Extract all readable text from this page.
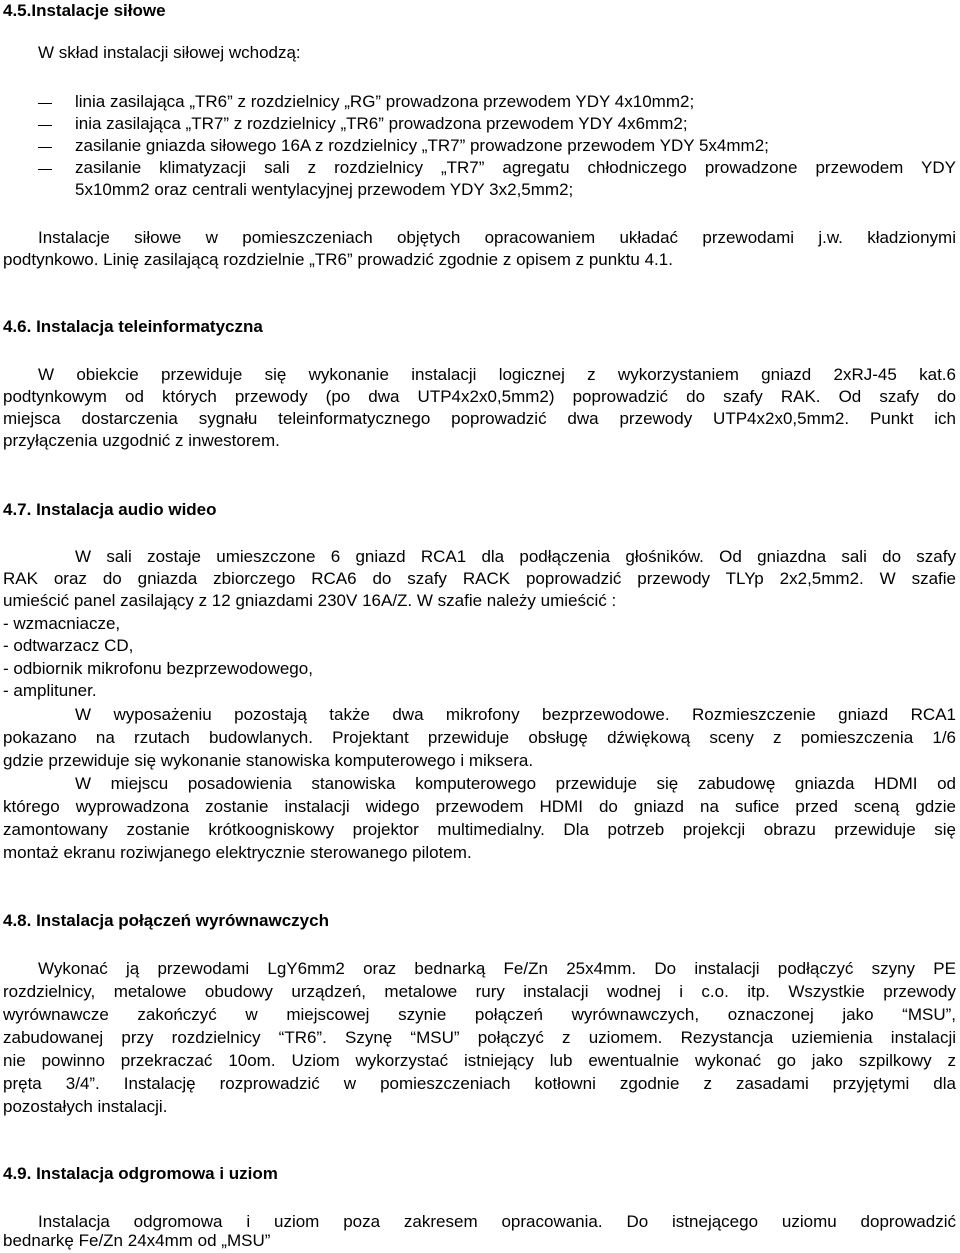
4.5.Instalacje siłowe

W skład instalacji siłowej wchodzą:

linia zasilająca „TR6” z rozdzielnicy „RG” prowadzona przewodem YDY 4x10mm2;

inia zasilająca „TR7” z rozdzielnicy „TR6” prowadzona przewodem YDY 4x6mm2;

zasilanie gniazda siłowego 16A z rozdzielnicy „TR7” prowadzone przewodem YDY 5x4mm2;

zasilanie klimatyzacji sali z rozdzielnicy „TR7” agregatu chłodniczego prowadzone przewodem YDY

5x10mm2 oraz centrali wentylacyjnej przewodem YDY 3x2,5mm2;

Instalacje siłowe w pomieszczeniach objętych opracowaniem układać przewodami j.w. kładzionymi

podtynkowo. Linię zasilającą rozdzielnie „TR6” prowadzić zgodnie z opisem z punktu 4.1.

4.6. Instalacja teleinformatyczna

W obiekcie przewiduje się wykonanie instalacji logicznej z wykorzystaniem gniazd 2xRJ-45 kat.6

podtynkowym od których przewody (po dwa UTP4x2x0,5mm2) poprowadzić do szafy RAK. Od szafy do

miejsca dostarczenia sygnału teleinformatycznego poprowadzić dwa przewody UTP4x2x0,5mm2. Punkt ich

przyłączenia uzgodnić z inwestorem.

4.7. Instalacja audio wideo

W sali zostaje umieszczone 6 gniazd RCA1 dla podłączenia głośników. Od gniazdna sali do szafy

RAK oraz do gniazda zbiorczego RCA6 do szafy RACK poprowadzić przewody TLYp 2x2,5mm2. W szafie

umieścić panel zasilający z 12 gniazdami 230V 16A/Z. W szafie należy umieścić :

- wzmacniacze,

- odtwarzacz CD,

- odbiornik mikrofonu bezprzewodowego,

- amplituner.

W wyposażeniu pozostają także dwa mikrofony bezprzewodowe. Rozmieszczenie gniazd RCA1

pokazano na rzutach budowlanych. Projektant przewiduje obsługę dźwiękową sceny z pomieszczenia 1/6

gdzie przewiduje się wykonanie stanowiska komputerowego i miksera.

W miejscu posadowienia stanowiska komputerowego przewiduje się zabudowę gniazda HDMI od

którego wyprowadzona zostanie instalacji widego przewodem HDMI do gniazd na sufice przed sceną gdzie

zamontowany zostanie krótkoogniskowy projektor multimedialny. Dla potrzeb projekcji obrazu przewiduje się

montaż ekranu roziwjanego elektrycznie sterowanego pilotem.

4.8. Instalacja połączeń wyrównawczych

Wykonać ją przewodami LgY6mm2 oraz bednarką Fe/Zn 25x4mm. Do instalacji podłączyć szyny PE

rozdzielnicy, metalowe obudowy urządzeń, metalowe rury instalacji wodnej i c.o. itp. Wszystkie przewody

wyrównawcze zakończyć w miejscowej szynie połączeń wyrównawczych, oznaczonej jako “MSU”,

zabudowanej przy rozdzielnicy “TR6”. Szynę “MSU” połączyć z uziomem. Rezystancja uziemienia instalacji

nie powinno przekraczać 10om. Uziom wykorzystać istniejący lub ewentualnie wykonać go jako szpilkowy z

pręta 3/4”. Instalację rozprowadzić w pomieszczeniach kotłowni zgodnie z zasadami przyjętymi dla

pozostałych instalacji.

4.9. Instalacja odgromowa i uziom

Instalacja odgromowa i uziom poza zakresem opracowania. Do istnejącego uziomu doprowadzić

bednarkę Fe/Zn 24x4mm od „MSU”
